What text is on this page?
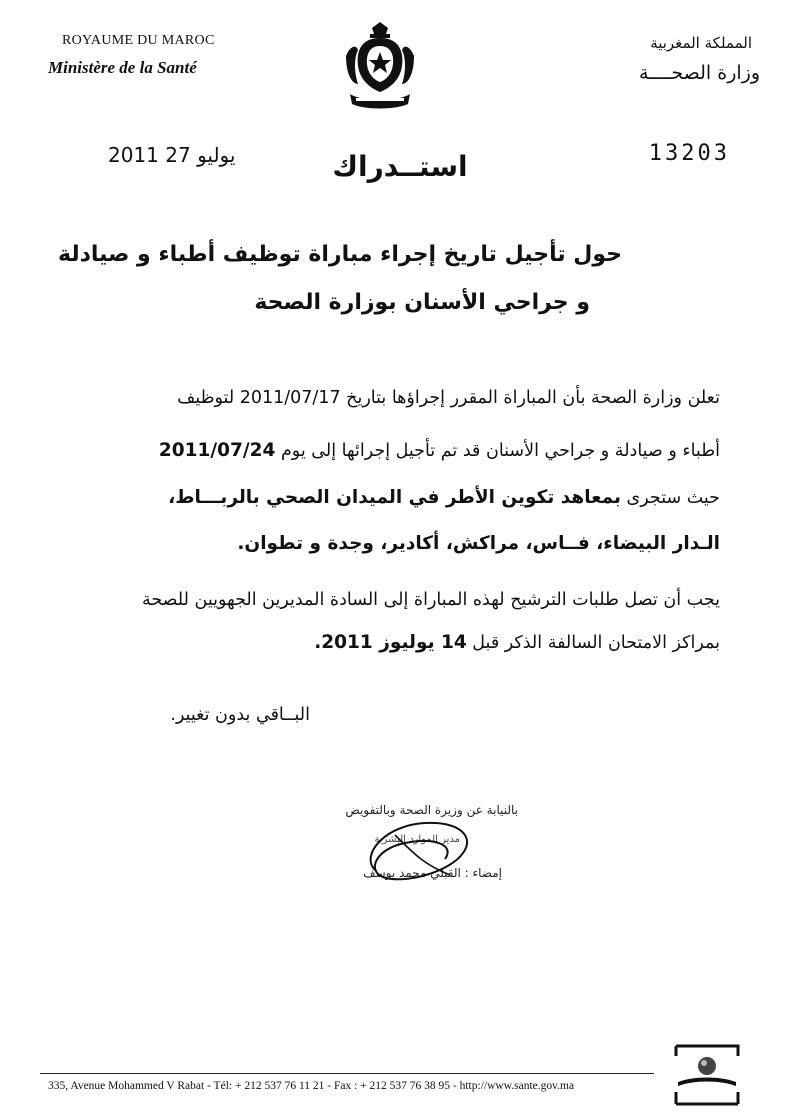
ROYAUME DU MAROC
Ministère de la Santé
المملكة المغربية
وزارة الصحــــة
2011 يوليو 27	13203
استــدراك
حول تأجيل تاريخ إجراء مباراة توظيف أطباء و صيادلة
و جراحي الأسنان بوزارة الصحة
تعلن وزارة الصحة بأن المباراة المقرر إجراؤها بتاريخ 2011/07/17 لتوظيف
أطباء و صيادلة و جراحي الأسنان قد تم تأجيل إجرائها إلى يوم 2011/07/24
حيث ستجرى بمعاهد تكوين الأطر في الميدان الصحي بالربـــاط،
الـدار البيضاء، فــاس، مراكش، أكادير، وجدة و تطوان.
يجب أن تصل طلبات الترشيح لهذه المباراة إلى السادة المديرين الجهويين للصحة
بمراكز الامتحان السالفة الذكر قبل 14 يوليوز 2011.
البــاقي بدون تغيير.
بالنيابة عن وزيرة الصحة وبالتفويض
مدير الموارد البشرية
إمضاء : القبلي محمد يوسف
335, Avenue Mohammed V Rabat - Tél: + 212 537 76 11 21 - Fax : + 212 537 76 38 95 - http://www.sante.gov.ma
